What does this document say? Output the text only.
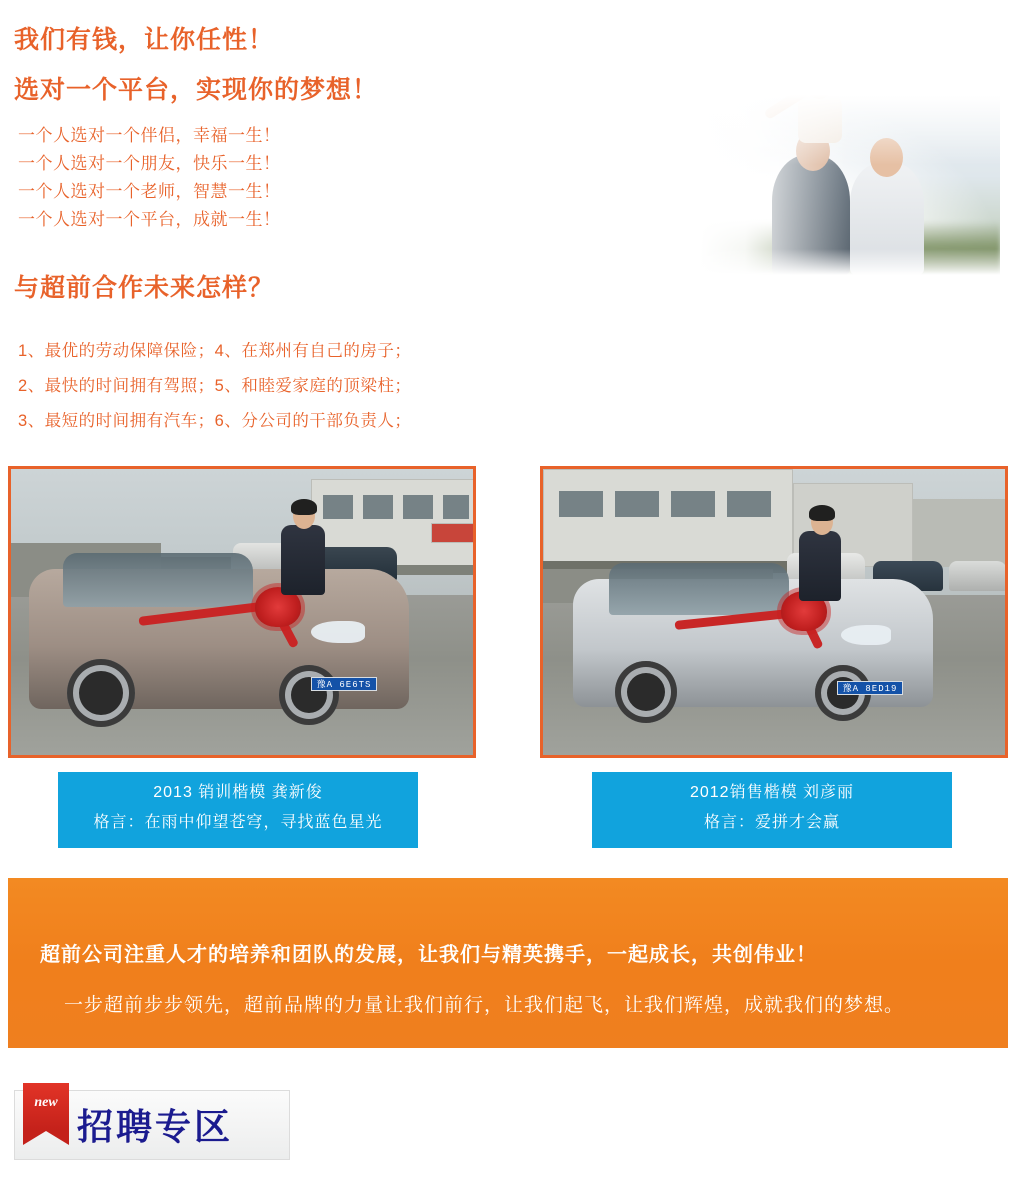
我们有钱，让你任性！
选对一个平台，实现你的梦想！
一个人选对一个伴侣，幸福一生！
一个人选对一个朋友，快乐一生！
一个人选对一个老师，智慧一生！
一个人选对一个平台，成就一生！
与超前合作未来怎样？
1、最优的劳动保障保险；4、在郑州有自己的房子；
2、最快的时间拥有驾照；5、和睦爱家庭的顶梁柱；
3、最短的时间拥有汽车；6、分公司的干部负责人；
豫A 6E6TS	豫A 8ED19
2013 销训楷模 龚新俊
格言：在雨中仰望苍穹，寻找蓝色星光
2012销售楷模 刘彦丽
格言：爱拼才会赢
超前公司注重人才的培养和团队的发展，让我们与精英携手，一起成长，共创伟业！
一步超前步步领先，超前品牌的力量让我们前行，让我们起飞，让我们辉煌，成就我们的梦想。
new
招聘专区
